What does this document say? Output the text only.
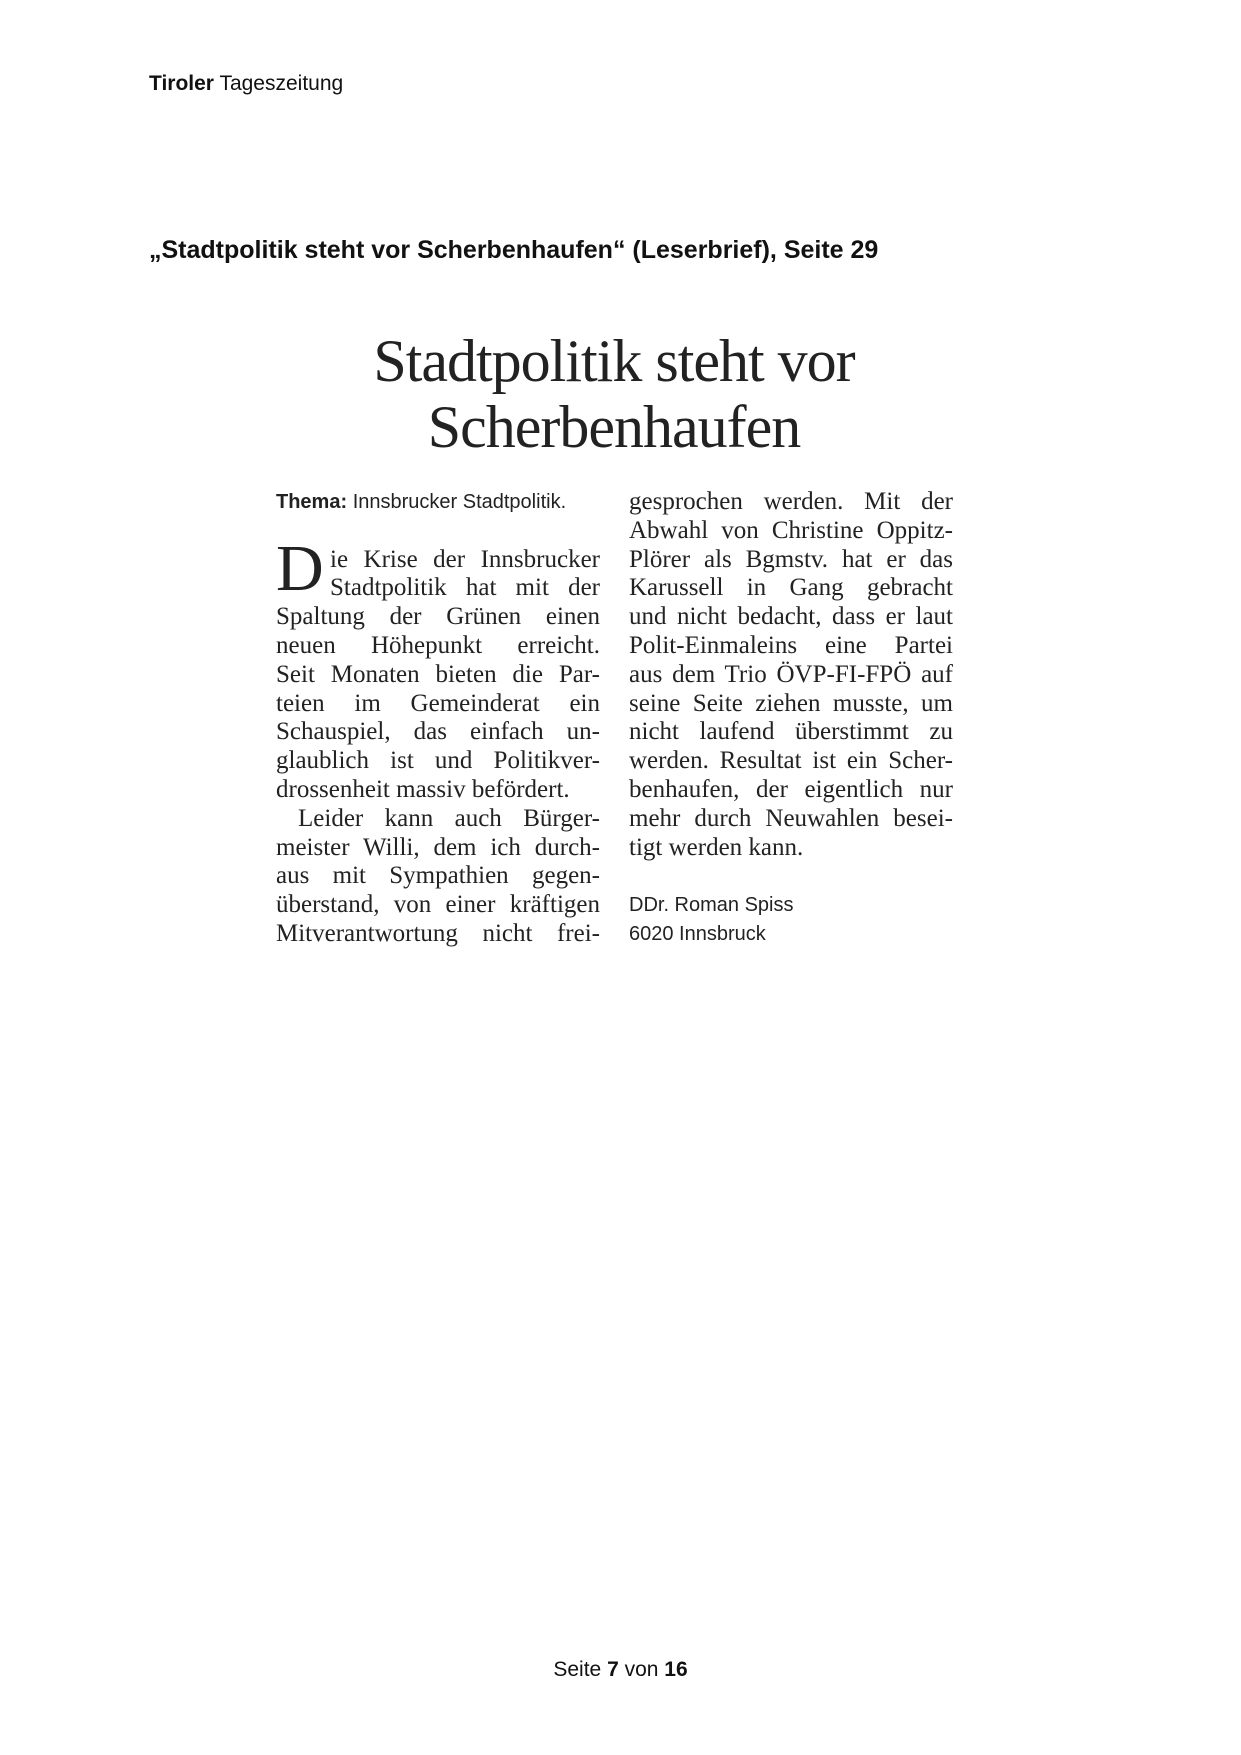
Tiroler Tageszeitung
„Stadtpolitik steht vor Scherbenhaufen“ (Leserbrief), Seite 29
Stadtpolitik steht vor
Scherbenhaufen
Thema: Innsbrucker Stadtpolitik.
D ie Krise der Innsbrucker
Stadtpolitik hat mit der
Spaltung der Grünen einen
neuen Höhepunkt erreicht.
Seit Monaten bieten die Par-
teien im Gemeinderat ein
Schauspiel, das einfach un-
glaublich ist und Politikver-
drossenheit massiv befördert.
Leider kann auch Bürger-
meister Willi, dem ich durch-
aus mit Sympathien gegen-
überstand, von einer kräftigen
Mitverantwortung nicht frei-
gesprochen werden. Mit der
Abwahl von Christine Oppitz-
Plörer als Bgmstv. hat er das
Karussell in Gang gebracht
und nicht bedacht, dass er laut
Polit-Einmaleins eine Partei
aus dem Trio ÖVP-FI-FPÖ auf
seine Seite ziehen musste, um
nicht laufend überstimmt zu
werden. Resultat ist ein Scher-
benhaufen, der eigentlich nur
mehr durch Neuwahlen besei-
tigt werden kann.
DDr. Roman Spiss
6020 Innsbruck
Seite 7 von 16
